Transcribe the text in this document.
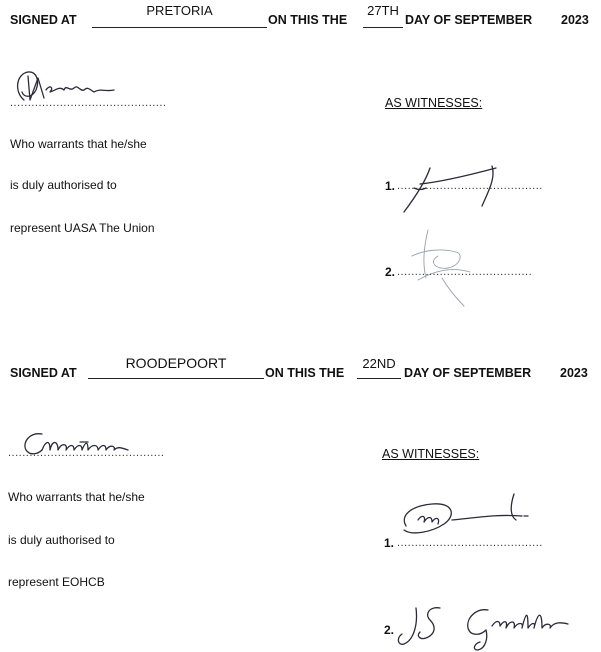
SIGNED AT
PRETORIA
ON THIS THE
27TH
DAY OF SEPTEMBER 2023
............................................	AS WITNESSES:
Who warrants that he/she
is duly authorised to
represent UASA The Union
1. .........................................
2. ......................................
SIGNED AT
ROODEPOORT
ON THIS THE
22ND
DAY OF SEPTEMBER 2023
............................................	AS WITNESSES:
Who warrants that he/she
is duly authorised to
represent EOHCB
1. .........................................
2.
